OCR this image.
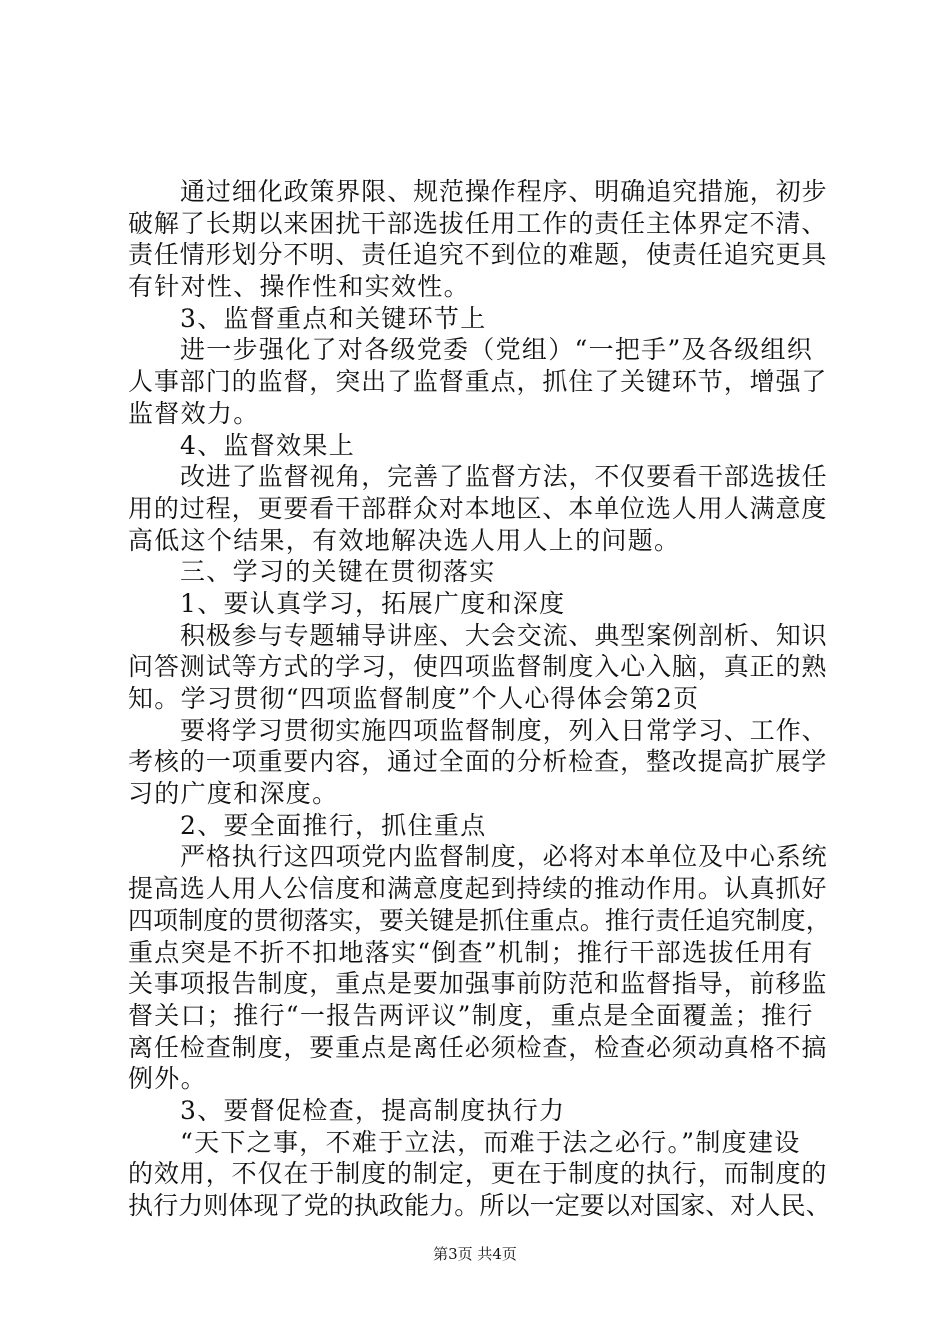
通过细化政策界限、规范操作程序、明确追究措施，初步
破解了长期以来困扰干部选拔任用工作的责任主体界定不清、
责任情形划分不明、责任追究不到位的难题，使责任追究更具
有针对性、操作性和实效性。
3、监督重点和关键环节上
进一步强化了对各级党委（党组）“一把手”及各级组织
人事部门的监督，突出了监督重点，抓住了关键环节，增强了
监督效力。
4、监督效果上
改进了监督视角，完善了监督方法，不仅要看干部选拔任
用的过程，更要看干部群众对本地区、本单位选人用人满意度
高低这个结果，有效地解决选人用人上的问题。
三、学习的关键在贯彻落实
1、要认真学习，拓展广度和深度
积极参与专题辅导讲座、大会交流、典型案例剖析、知识
问答测试等方式的学习，使四项监督制度入心入脑，真正的熟
知。学习贯彻“四项监督制度”个人心得体会第2页
要将学习贯彻实施四项监督制度，列入日常学习、工作、
考核的一项重要内容，通过全面的分析检查，整改提高扩展学
习的广度和深度。
2、要全面推行，抓住重点
严格执行这四项党内监督制度，必将对本单位及中心系统
提高选人用人公信度和满意度起到持续的推动作用。认真抓好
四项制度的贯彻落实，要关键是抓住重点。推行责任追究制度，
重点突是不折不扣地落实“倒查”机制；推行干部选拔任用有
关事项报告制度，重点是要加强事前防范和监督指导，前移监
督关口；推行“一报告两评议”制度，重点是全面覆盖；推行
离任检查制度，要重点是离任必须检查，检查必须动真格不搞
例外。
3、要督促检查，提高制度执行力
“天下之事，不难于立法，而难于法之必行。”制度建设
的效用，不仅在于制度的制定，更在于制度的执行，而制度的
执行力则体现了党的执政能力。所以一定要以对国家、对人民、
第3页 共4页
